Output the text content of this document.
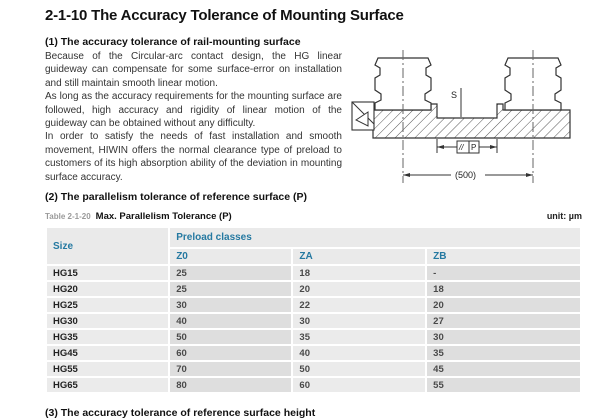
2-1-10 The Accuracy Tolerance of Mounting Surface
(1) The accuracy tolerance of rail-mounting surface

Because of the Circular-arc contact design, the HG linear guideway can compensate for some surface-error on installation and still maintain smooth linear motion.

As long as the accuracy requirements for the mounting surface are followed, high accuracy and rigidity of linear motion of the guideway can be obtained without any difficulty.

In order to satisfy the needs of fast installation and smooth movement, HIWIN offers the normal clearance type of preload to customers of its high absorption ability of the deviation in mounting surface accuracy.

S
// P
(500)
(2) The parallelism tolerance of reference surface (P)
Table 2-1-20 Max. Parallelism Tolerance (P)	unit: µm
Size	Preload classes		
	Z0	ZA	ZB
HG15	25	18	-
HG20	25	20	18
HG25	30	22	20
HG30	40	30	27
HG35	50	35	30
HG45	60	40	35
HG55	70	50	45
HG65	80	60	55
(3) The accuracy tolerance of reference surface height
